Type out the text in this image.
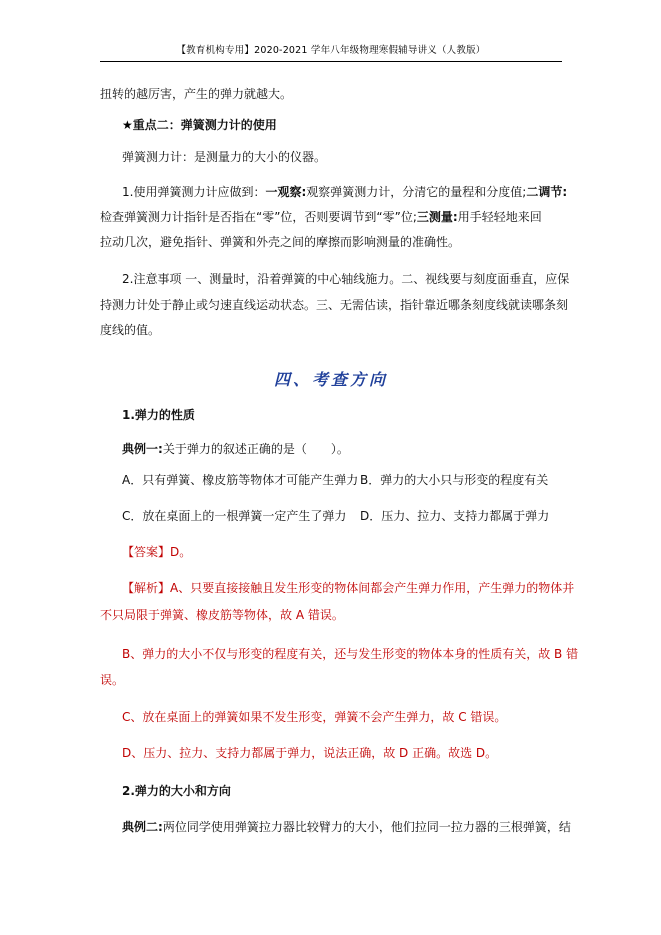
【教育机构专用】2020-2021 学年八年级物理寒假辅导讲义（人教版）
扭转的越厉害，产生的弹力就越大。
★重点二：弹簧测力计的使用
弹簧测力计：是测量力的大小的仪器。
1.使用弹簧测力计应做到：一观察:观察弹簧测力计，分清它的量程和分度值;二调节:
检查弹簧测力计指针是否指在“零”位，否则要调节到“零”位;三测量:用手轻轻地来回
拉动几次，避免指针、弹簧和外壳之间的摩擦而影响测量的准确性。
2.注意事项 一、测量时，沿着弹簧的中心轴线施力。二、视线要与刻度面垂直，应保
持测力计处于静止或匀速直线运动状态。三、无需估读，指针靠近哪条刻度线就读哪条刻
度线的值。
四、考查方向
1.弹力的性质
典例一:关于弹力的叙述正确的是（　　）。
A．只有弹簧、橡皮筋等物体才可能产生弹力 B．弹力的大小只与形变的程度有关
C．放在桌面上的一根弹簧一定产生了弹力 D．压力、拉力、支持力都属于弹力
【答案】D。
【解析】A、只要直接接触且发生形变的物体间都会产生弹力作用，产生弹力的物体并
不只局限于弹簧、橡皮筋等物体，故 A 错误。
B、弹力的大小不仅与形变的程度有关，还与发生形变的物体本身的性质有关，故 B 错
误。
C、放在桌面上的弹簧如果不发生形变，弹簧不会产生弹力，故 C 错误。
D、压力、拉力、支持力都属于弹力，说法正确，故 D 正确。故选 D。
2.弹力的大小和方向
典例二:两位同学使用弹簧拉力器比较臂力的大小，他们拉同一拉力器的三根弹簧，结
